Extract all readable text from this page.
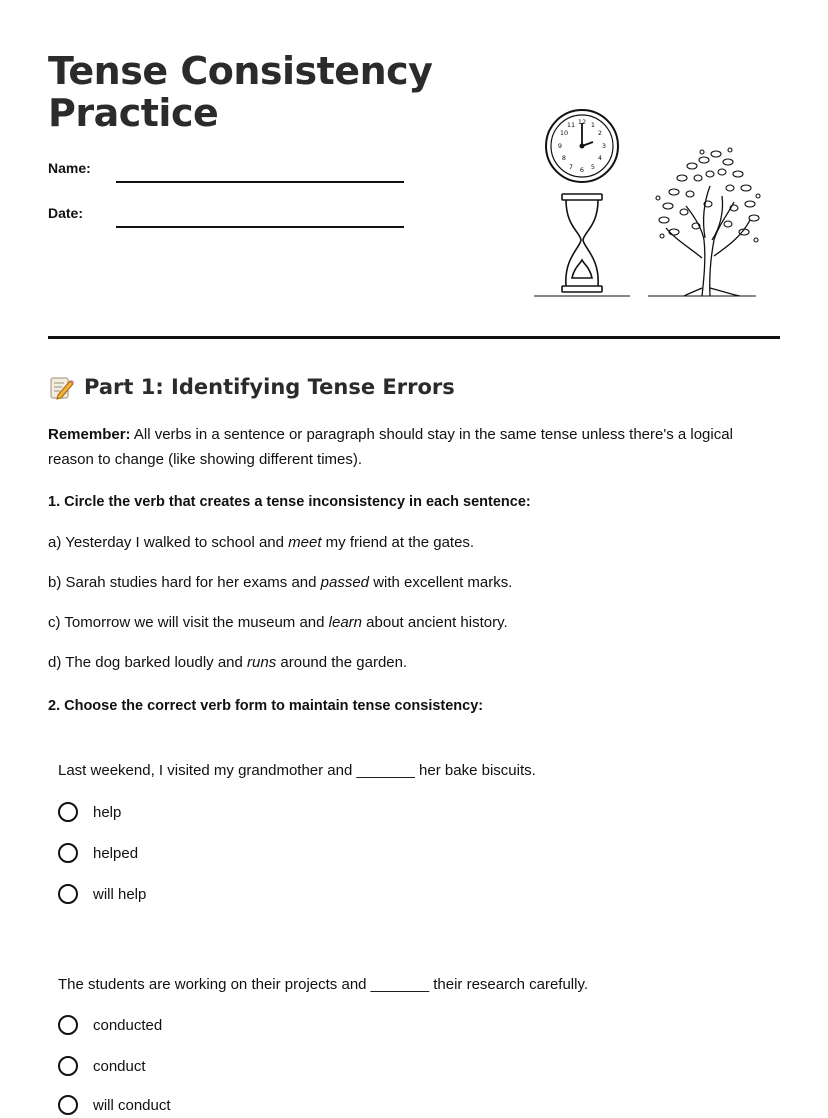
Tense Consistency Practice
Name:
Date:
12 1
2
3
4
5
6
7
8
9
10
11
Part 1: Identifying Tense Errors
Remember: All verbs in a sentence or paragraph should stay in the same tense unless there's a logical reason to change (like showing different times).
1. Circle the verb that creates a tense inconsistency in each sentence:
a) Yesterday I walked to school and meet my friend at the gates.
b) Sarah studies hard for her exams and passed with excellent marks.
c) Tomorrow we will visit the museum and learn about ancient history.
d) The dog barked loudly and runs around the garden.
2. Choose the correct verb form to maintain tense consistency:
Last weekend, I visited my grandmother and _______ her bake biscuits.
help
helped
will help
The students are working on their projects and _______ their research carefully.
conducted
conduct
will conduct
